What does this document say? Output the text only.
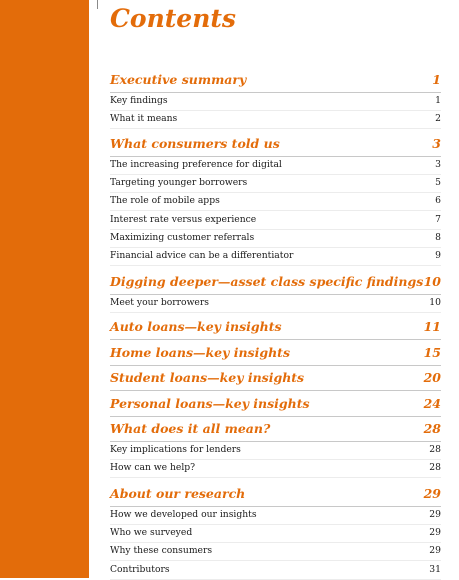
Contents
Executive summary	1
Key findings	1
What it means	2
What consumers told us	3
The increasing preference for digital	3
Targeting younger borrowers	5
The role of mobile apps	6
Interest rate versus experience	7
Maximizing customer referrals	8
Financial advice can be a differentiator	9
Digging deeper—asset class specific findings 10
Meet your borrowers	10
Auto loans—key insights	11
Home loans—key insights	15
Student loans—key insights	20
Personal loans—key insights	24
What does it all mean?	28
Key implications for lenders	28
How can we help?	28
About our research	29
How we developed our insights	29
Who we surveyed	29
Why these consumers	29
Contributors	31
